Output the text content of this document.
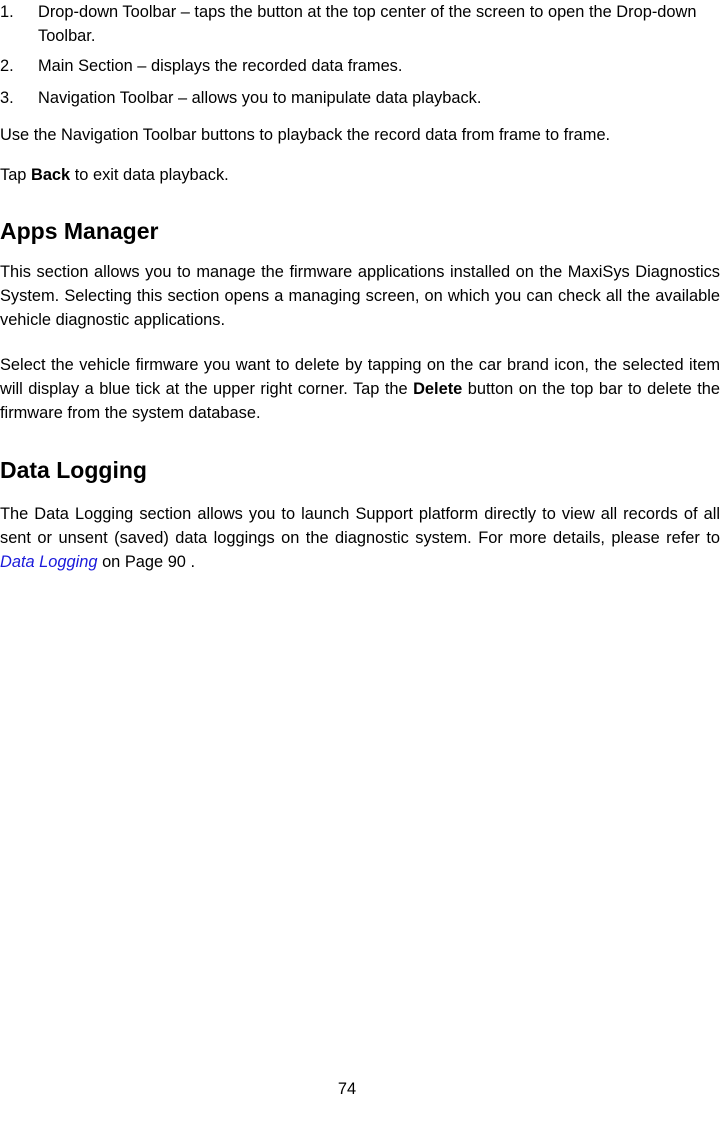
1. Drop-down Toolbar – taps the button at the top center of the screen to open the Drop-down Toolbar.
2. Main Section – displays the recorded data frames.
3. Navigation Toolbar – allows you to manipulate data playback.

Use the Navigation Toolbar buttons to playback the record data from frame to frame.

Tap Back to exit data playback.

Apps Manager

This section allows you to manage the firmware applications installed on the MaxiSys Diagnostics System. Selecting this section opens a managing screen, on which you can check all the available vehicle diagnostic applications.

Select the vehicle firmware you want to delete by tapping on the car brand icon, the selected item will display a blue tick at the upper right corner. Tap the Delete button on the top bar to delete the firmware from the system database.

Data Logging

The Data Logging section allows you to launch Support platform directly to view all records of all sent or unsent (saved) data loggings on the diagnostic system. For more details, please refer to Data Logging on Page 90 .

74
